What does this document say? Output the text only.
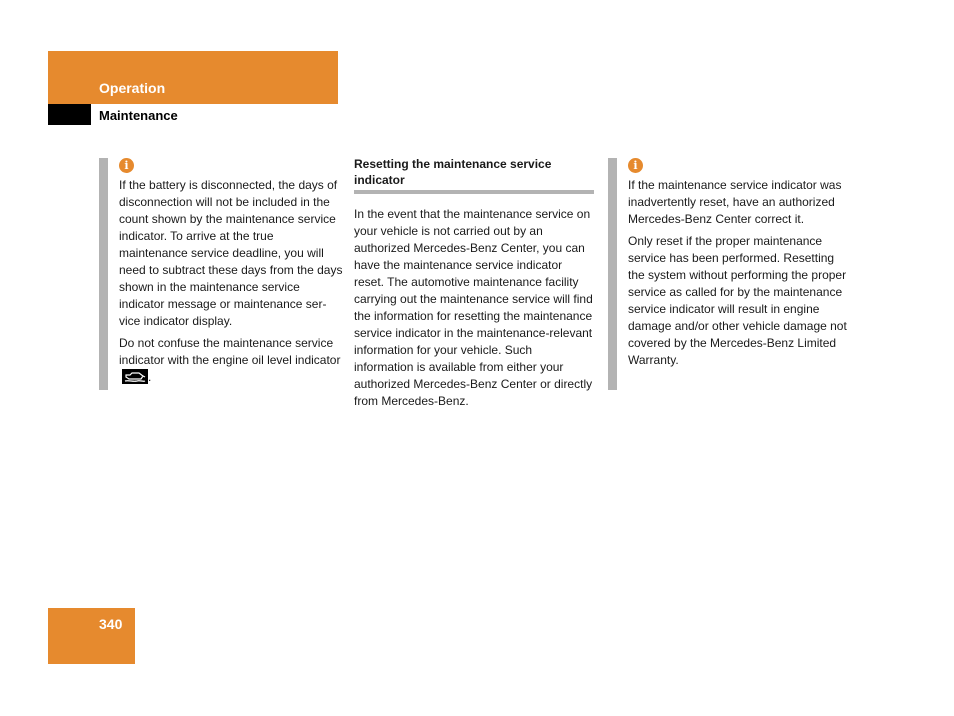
Operation
Maintenance
i

If the battery is disconnected, the days of disconnection will not be included in the count shown by the maintenance service indicator. To arrive at the true maintenance service deadline, you will need to subtract these days from the days shown in the maintenance service indicator message or maintenance ser-vice indicator display.

Do not confuse the maintenance service indicator with the engine oil level indicator
.

Resetting the maintenance service indicator

In the event that the maintenance service on your vehicle is not carried out by an authorized Mercedes-Benz Center, you can have the maintenance service indicator reset. The automotive maintenance facility carrying out the maintenance service will find the information for resetting the maintenance service indicator in the maintenance-relevant information for your vehicle. Such information is available from either your authorized Mercedes-Benz Center or directly from Mercedes-Benz.

i

If the maintenance service indicator was inadvertently reset, have an authorized Mercedes-Benz Center correct it.

Only reset if the proper maintenance service has been performed. Resetting the system without performing the proper service as called for by the maintenance service indicator will result in engine damage and/or other vehicle damage not covered by the Mercedes-Benz Limited Warranty.

340
